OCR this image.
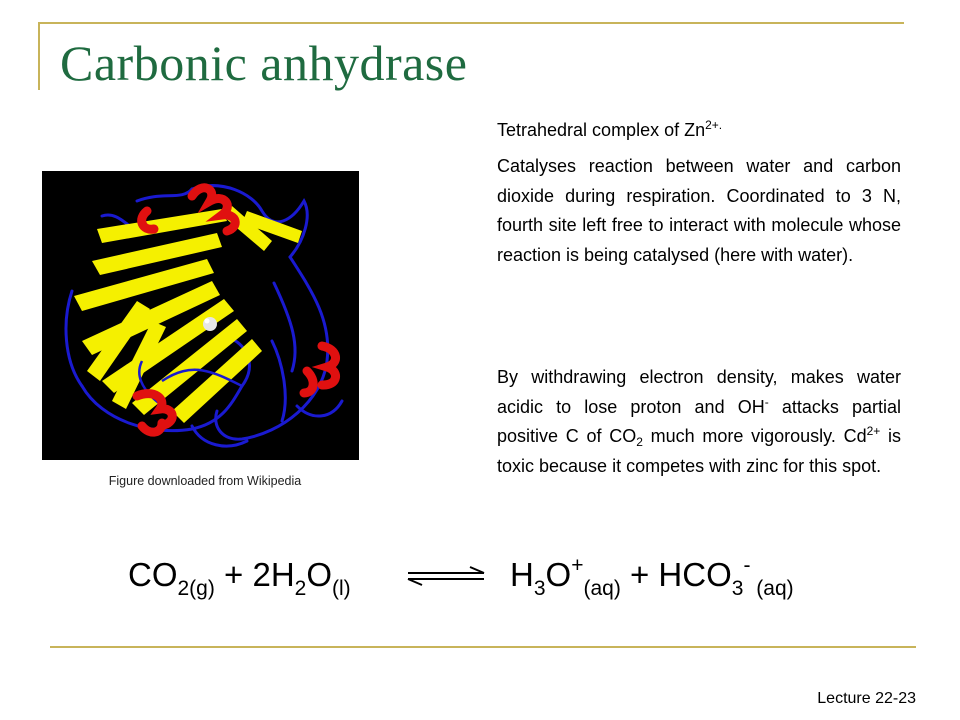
Carbonic anhydrase
Figure downloaded from Wikipedia
Tetrahedral complex of $Zn^{2+.}$
Catalyses reaction between water and carbon dioxide during respiration. Coordinated to 3 N, fourth site left free to interact with molecule whose reaction is being catalysed (here with water).
By withdrawing electron density, makes water acidic to lose proton and OH- attacks partial positive C of $CO_2$ much more vigorously. $Cd^{2+}$ is toxic because it competes with zinc for this spot.
$CO_{2(g)} + 2H_2O_{(l)}$ ⇌ $H_3O^+_{(aq)} + HCO_3^-$ $_{(aq)}$
Lecture 22-23
